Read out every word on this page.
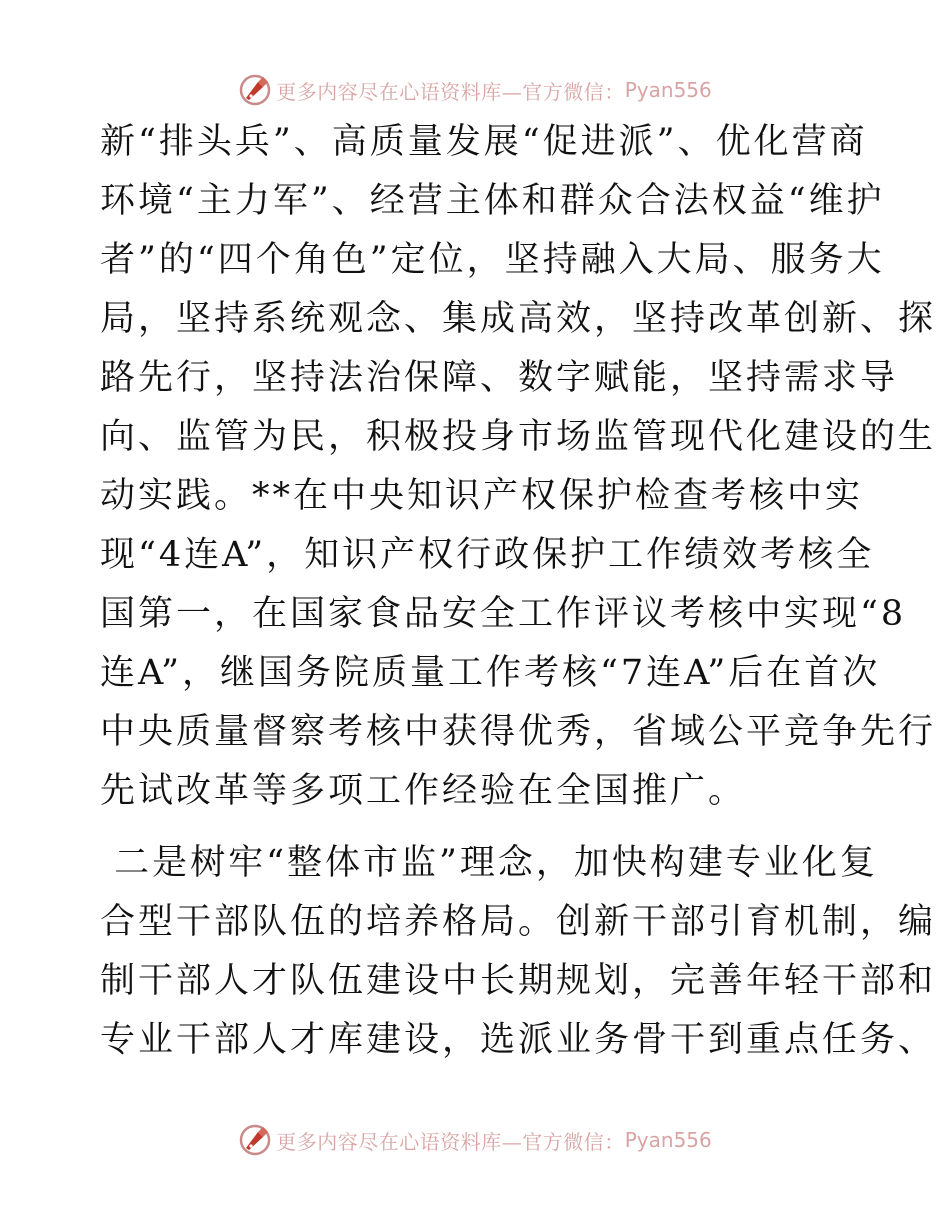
更多内容尽在心语资料库—官方微信： Pyan556
新“排头兵”、高质量发展“促进派”、优化营商
环境“主力军”、经营主体和群众合法权益“维护
者”的“四个角色”定位，坚持融入大局、服务大
局，坚持系统观念、集成高效，坚持改革创新、探
路先行，坚持法治保障、数字赋能，坚持需求导
向、监管为民，积极投身市场监管现代化建设的生
动实践。**在中央知识产权保护检查考核中实
现“4连A”，知识产权行政保护工作绩效考核全
国第一，在国家食品安全工作评议考核中实现“8
连A”，继国务院质量工作考核“7连A”后在首次
中央质量督察考核中获得优秀，省域公平竞争先行
先试改革等多项工作经验在全国推广。
二是树牢“整体市监”理念，加快构建专业化复
合型干部队伍的培养格局。创新干部引育机制，编
制干部人才队伍建设中长期规划，完善年轻干部和
专业干部人才库建设，选派业务骨干到重点任务、
更多内容尽在心语资料库—官方微信： Pyan556
